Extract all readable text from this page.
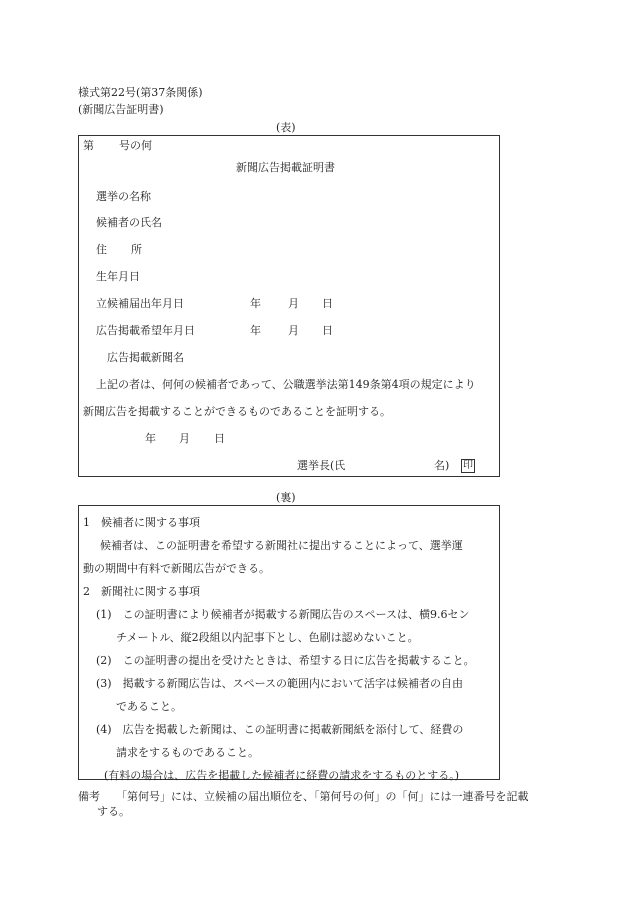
様式第22号(第37条関係)
(新聞広告証明書)
(表)
第 号の何
新聞広告掲載証明書
選挙の名称
候補者の氏名
住 所
生年月日
立候補届出年月日	年 月 日
広告掲載希望年月日	年 月 日
広告掲載新聞名
上記の者は、何何の候補者であって、公職選挙法第149条第4項の規定により
新聞広告を掲載することができるものであることを証明する。
年 月 日
選挙長(氏	名) 印
(裏)
1　候補者に関する事項
候補者は、この証明書を希望する新聞社に提出することによって、選挙運
動の期間中有料で新聞広告ができる。
2　新聞社に関する事項
(1)　この証明書により候補者が掲載する新聞広告のスペースは、横9.6セン
チメートル、縦2段組以内記事下とし、色刷は認めないこと。
(2)　この証明書の提出を受けたときは、希望する日に広告を掲載すること。
(3)　掲載する新聞広告は、スペースの範囲内において活字は候補者の自由
であること。
(4)　広告を掲載した新聞は、この証明書に掲載新聞紙を添付して、経費の
請求をするものであること。
(有料の場合は、広告を掲載した候補者に経費の請求をするものとする。)
備考 「第何号」には、立候補の届出順位を、「第何号の何」の「何」には一連番号を記載
する。
